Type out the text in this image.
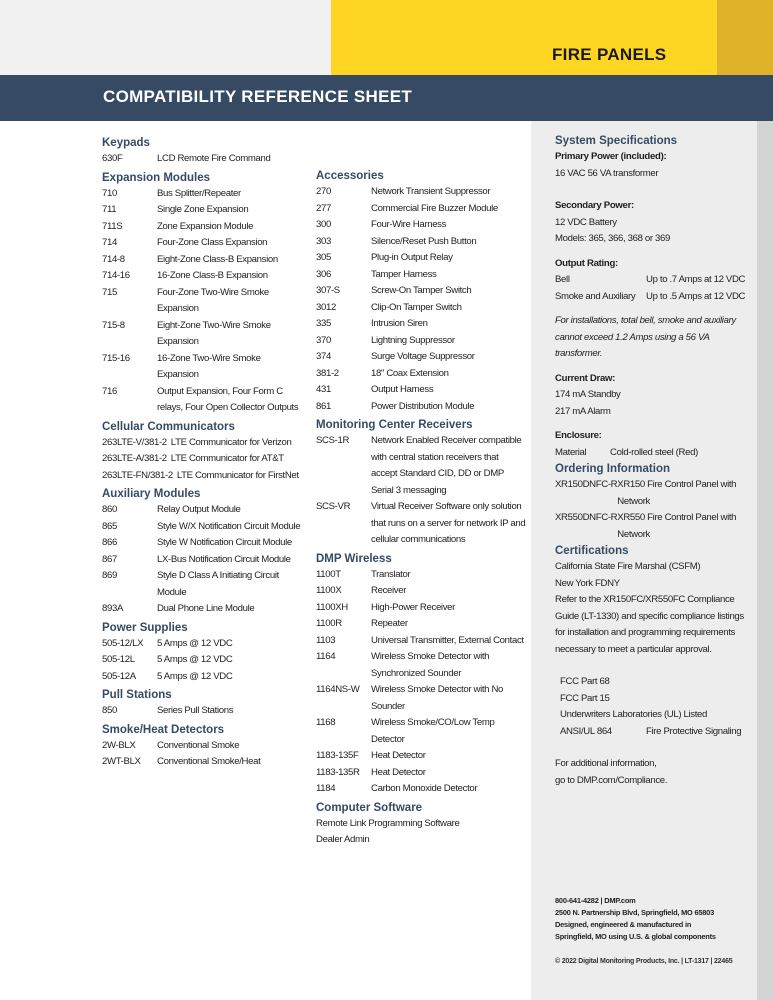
FIRE PANELS
COMPATIBILITY REFERENCE SHEET
Keypads
630F	LCD Remote Fire Command
Expansion Modules
710	Bus Splitter/Repeater
711	Single Zone Expansion
711S	Zone Expansion Module
714	Four-Zone Class Expansion
714-8	Eight-Zone Class-B Expansion
714-16	16-Zone Class-B Expansion
715	Four-Zone Two-Wire Smoke Expansion
715-8	Eight-Zone Two-Wire Smoke Expansion
715-16	16-Zone Two-Wire Smoke Expansion
716	Output Expansion, Four Form C relays, Four Open Collector Outputs
Cellular Communicators
263LTE-V/381-2 LTE Communicator for Verizon
263LTE-A/381-2 LTE Communicator for AT&T
263LTE-FN/381-2 LTE Communicator for FirstNet
Auxiliary Modules
860	Relay Output Module
865	Style W/X Notification Circuit Module
866	Style W Notification Circuit Module
867	LX-Bus Notification Circuit Module
869	Style D Class A Initiating Circuit Module
893A	Dual Phone Line Module
Power Supplies
505-12/LX	5 Amps @ 12 VDC
505-12L	5 Amps @ 12 VDC
505-12A	5 Amps @ 12 VDC
Pull Stations
850	Series Pull Stations
Smoke/Heat Detectors
2W-BLX	Conventional Smoke
2WT-BLX	Conventional Smoke/Heat
Accessories
270	Network Transient Suppressor
277	Commercial Fire Buzzer Module
300	Four-Wire Harness
303	Silence/Reset Push Button
305	Plug-in Output Relay
306	Tamper Harness
307-S	Screw-On Tamper Switch
3012	Clip-On Tamper Switch
335	Intrusion Siren
370	Lightning Suppressor
374	Surge Voltage Suppressor
381-2	18" Coax Extension
431	Output Harness
861	Power Distribution Module
Monitoring Center Receivers
SCS-1R	Network Enabled Receiver compatible with central station receivers that accept Standard CID, DD or DMP Serial 3 messaging
SCS-VR	Virtual Receiver Software only solution that runs on a server for network IP and cellular communications
DMP Wireless
1100T	Translator
1100X	Receiver
1100XH	High-Power Receiver
1100R	Repeater
1103	Universal Transmitter, External Contact
1164	Wireless Smoke Detector with Synchronized Sounder
1164NS-W	Wireless Smoke Detector with No Sounder
1168	Wireless Smoke/CO/Low Temp Detector
1183-135F	Heat Detector
1183-135R	Heat Detector
1184	Carbon Monoxide Detector
Computer Software
Remote Link Programming Software
Dealer Admin
System Specifications
Primary Power (included):
16 VAC 56 VA transformer
Secondary Power:
12 VDC Battery
Models: 365, 366, 368 or 369
Output Rating:
Bell	Up to .7 Amps at 12 VDC
Smoke and Auxiliary	Up to .5 Amps at 12 VDC
For installations, total bell, smoke and auxiliary cannot exceed 1.2 Amps using a 56 VA transformer.
Current Draw:
174 mA Standby
217 mA Alarm
Enclosure:
Material	Cold-rolled steel (Red)
Ordering Information
XR150DNFC-R XR150 Fire Control Panel with Network
XR550DNFC-R XR550 Fire Control Panel with Network
Certifications
California State Fire Marshal (CSFM)
New York FDNY
Refer to the XR150FC/XR550FC Compliance Guide (LT-1330) and specific compliance listings for installation and programming requirements necessary to meet a particular approval.
FCC Part 68
FCC Part 15
Underwriters Laboratories (UL) Listed
ANSI/UL 864	Fire Protective Signaling
For additional information,
go to DMP.com/Compliance.
800-641-4282 | DMP.com
2500 N. Partnership Blvd, Springfield, MO 65803
Designed, engineered & manufactured in
Springfield, MO using U.S. & global components
© 2022 Digital Monitoring Products, Inc. | LT-1317 | 22465
